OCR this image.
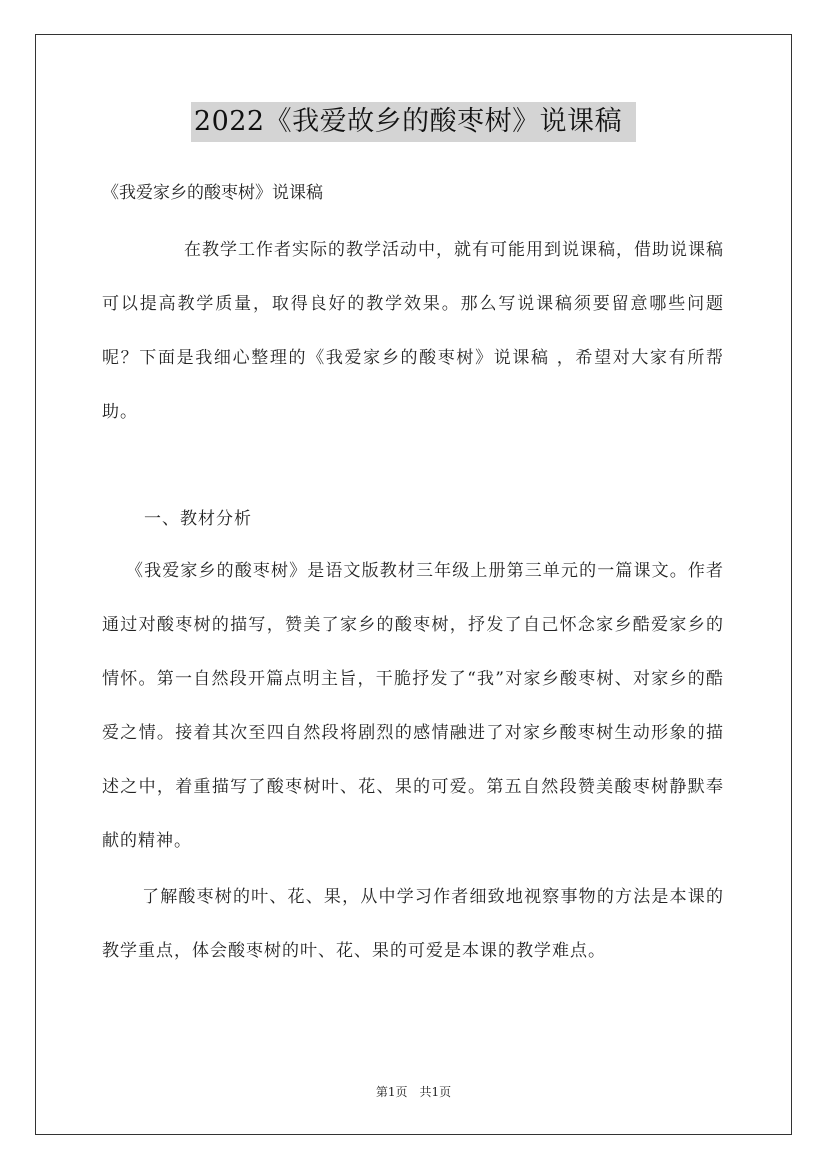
2022《我爱故乡的酸枣树》说课稿
《我爱家乡的酸枣树》说课稿

在教学工作者实际的教学活动中，就有可能用到说课稿，借助说课稿可以提高教学质量，取得良好的教学效果。那么写说课稿须要留意哪些问题呢？下面是我细心整理的《我爱家乡的酸枣树》说课稿 ，希望对大家有所帮助。

一、教材分析

《我爱家乡的酸枣树》是语文版教材三年级上册第三单元的一篇课文。作者通过对酸枣树的描写，赞美了家乡的酸枣树，抒发了自己怀念家乡酷爱家乡的情怀。第一自然段开篇点明主旨，干脆抒发了“我”对家乡酸枣树、对家乡的酷爱之情。接着其次至四自然段将剧烈的感情融进了对家乡酸枣树生动形象的描述之中，着重描写了酸枣树叶、花、果的可爱。第五自然段赞美酸枣树静默奉献的精神。

了解酸枣树的叶、花、果，从中学习作者细致地视察事物的方法是本课的教学重点，体会酸枣树的叶、花、果的可爱是本课的教学难点。

第1页　共1页
